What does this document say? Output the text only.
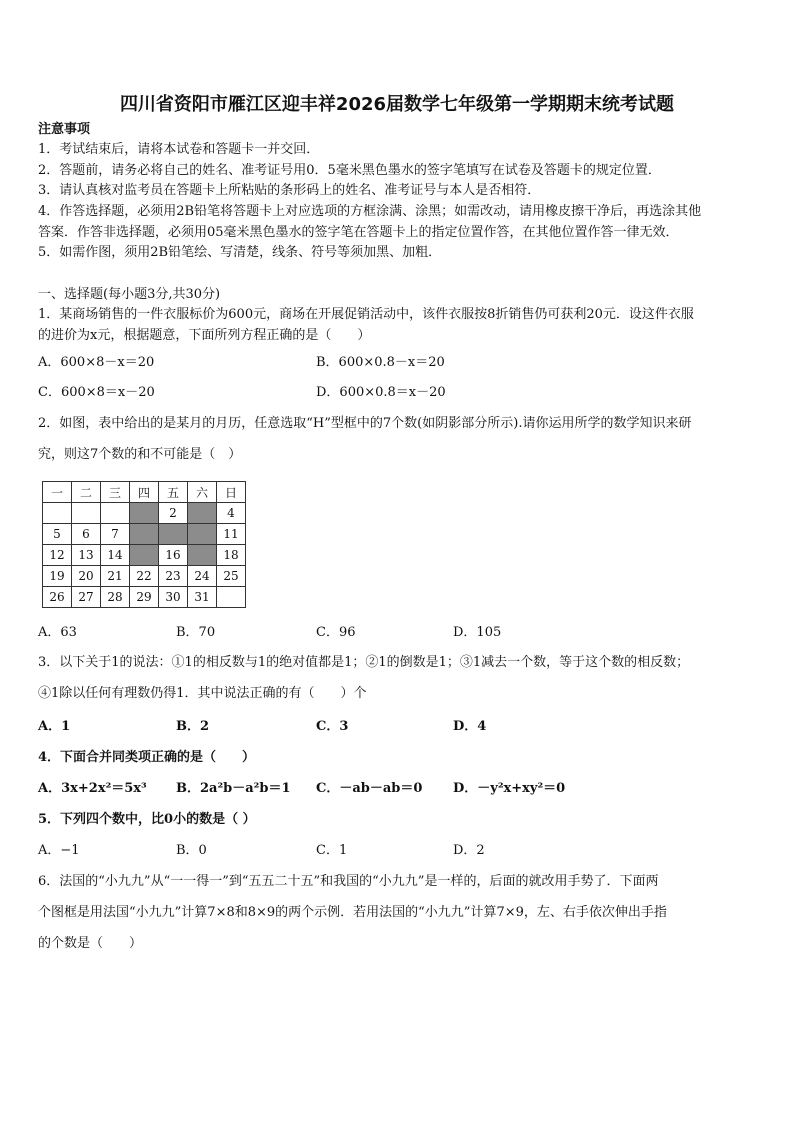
四川省资阳市雁江区迎丰祥2026届数学七年级第一学期期末统考试题
注意事项
1．考试结束后，请将本试卷和答题卡一并交回．
2．答题前，请务必将自己的姓名、准考证号用0．5毫米黑色墨水的签字笔填写在试卷及答题卡的规定位置．
3．请认真核对监考员在答题卡上所粘贴的条形码上的姓名、准考证号与本人是否相符．
4．作答选择题，必须用2B铅笔将答题卡上对应选项的方框涂满、涂黑；如需改动，请用橡皮擦干净后，再选涂其他
答案．作答非选择题，必须用05毫米黑色墨水的签字笔在答题卡上的指定位置作答，在其他位置作答一律无效．
5．如需作图，须用2B铅笔绘、写清楚，线条、符号等须加黑、加粗．
一、选择题(每小题3分,共30分)
1．某商场销售的一件衣服标价为600元，商场在开展促销活动中，该件衣服按8折销售仍可获利20元．设这件衣服
的进价为x元，根据题意，下面所列方程正确的是（　　）
A．600×8－x＝20	B．600×0.8－x＝20
C．600×8＝x－20	D．600×0.8＝x－20
2．如图，表中给出的是某月的月历，任意选取“H”型框中的7个数(如阴影部分所示).请你运用所学的数学知识来研
究，则这7个数的和不可能是（　）
一	二	三	四	五	六	日
				2		4
5	6	7				11
12	13	14		16		18
19	20	21	22	23	24	25
26	27	28	29	30	31	
A．63	B．70	C．96	D．105
3．以下关于1的说法：①1的相反数与1的绝对值都是1；②1的倒数是1；③1减去一个数，等于这个数的相反数；
④1除以任何有理数仍得1．其中说法正确的有（　　）个
A．1	B．2	C．3	D．4
4．下面合并同类项正确的是（　　）
A．3x+2x²＝5x³ B．2a²b－a²b＝1 C．－ab－ab＝0 D．－y²x+xy²＝0
5．下列四个数中，比0小的数是（ ）
A．−1	B．0	C．1	D．2
6．法国的“小九九”从“一一得一”到“五五二十五”和我国的“小九九”是一样的，后面的就改用手势了．下面两
个图框是用法国“小九九”计算7×8和8×9的两个示例．若用法国的“小九九”计算7×9，左、右手依次伸出手指
的个数是（　　）
